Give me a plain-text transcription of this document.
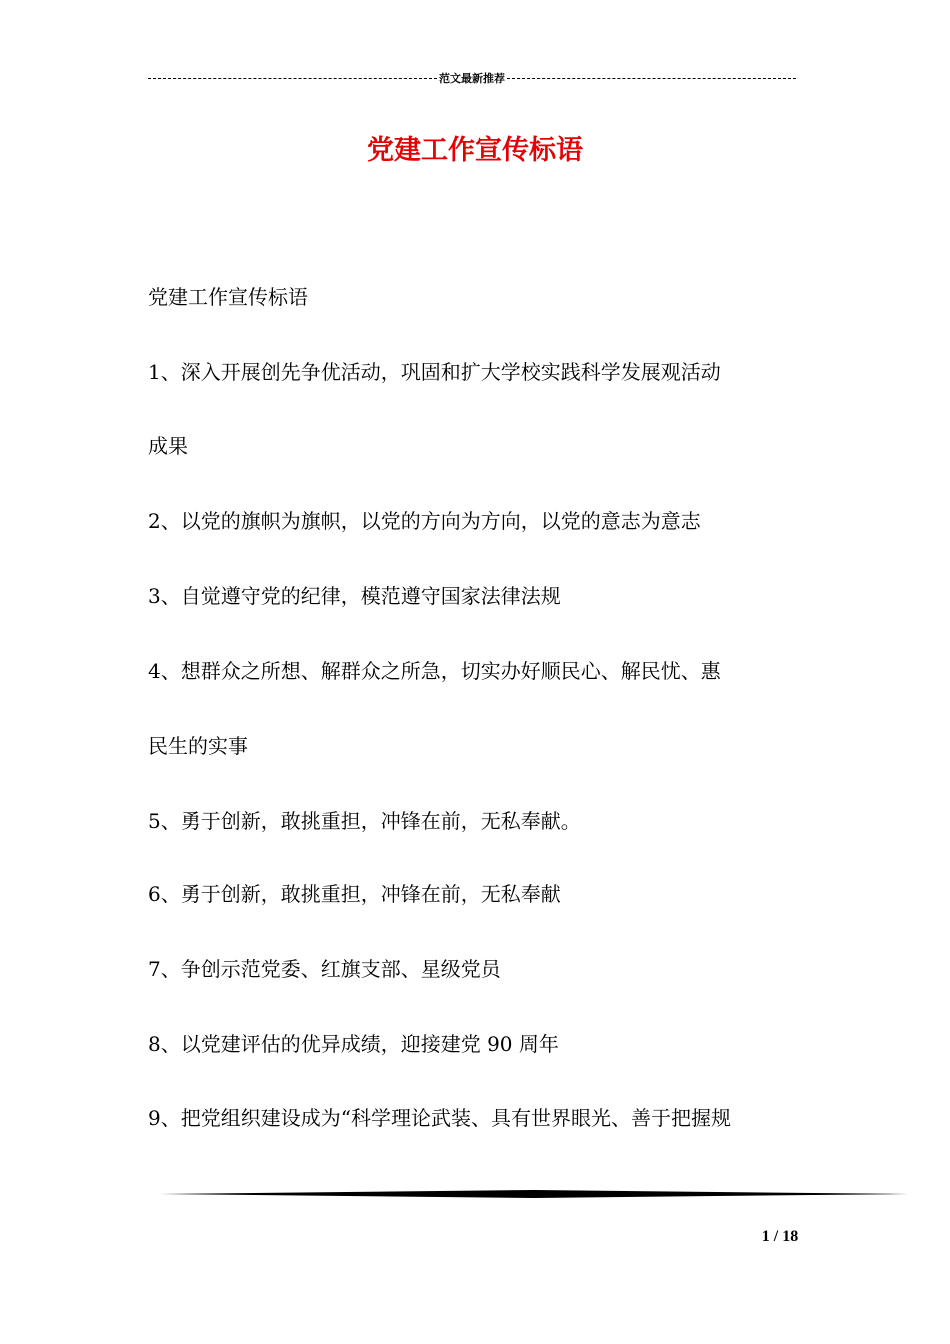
范文最新推荐
党建工作宣传标语
党建工作宣传标语
1、深入开展创先争优活动，巩固和扩大学校实践科学发展观活动
成果
2、以党的旗帜为旗帜，以党的方向为方向，以党的意志为意志
3、自觉遵守党的纪律，模范遵守国家法律法规
4、想群众之所想、解群众之所急，切实办好顺民心、解民忧、惠
民生的实事
5、勇于创新，敢挑重担，冲锋在前，无私奉献。
6、勇于创新，敢挑重担，冲锋在前，无私奉献
7、争创示范党委、红旗支部、星级党员
8、以党建评估的优异成绩，迎接建党 90 周年
9、把党组织建设成为“科学理论武装、具有世界眼光、善于把握规
1 / 18
